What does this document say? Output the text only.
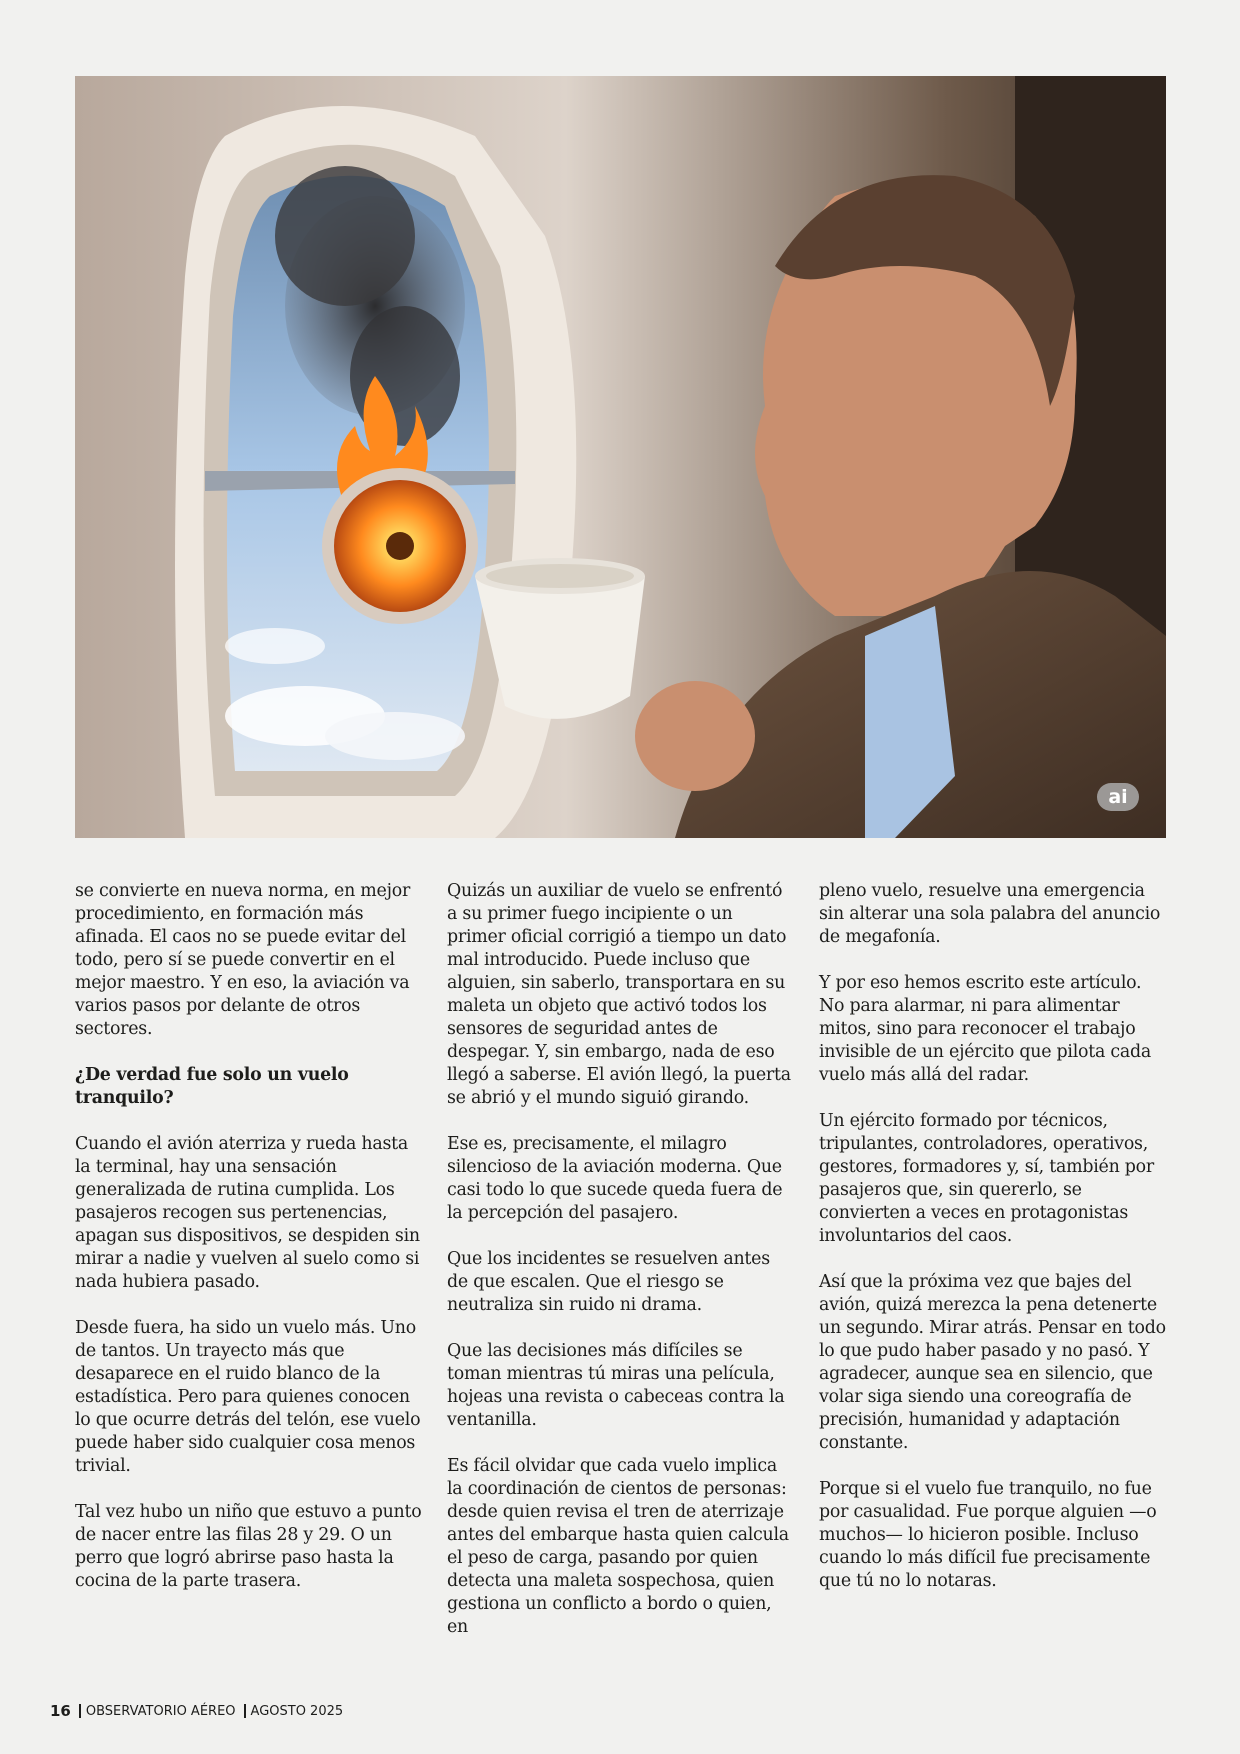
ai

se convierte en nueva norma, en mejor procedimiento, en formación más afinada. El caos no se puede evitar del todo, pero sí se puede convertir en el mejor maestro. Y en eso, la aviación va varios pasos por delante de otros sectores.

¿De verdad fue solo un vuelo tranquilo?

Cuando el avión aterriza y rueda hasta la terminal, hay una sensación generalizada de rutina cumplida. Los pasajeros recogen sus pertenencias, apagan sus dispositivos, se despiden sin mirar a nadie y vuelven al suelo como si nada hubiera pasado.

Desde fuera, ha sido un vuelo más. Uno de tantos. Un trayecto más que desaparece en el ruido blanco de la estadística. Pero para quienes conocen lo que ocurre detrás del telón, ese vuelo puede haber sido cualquier cosa menos trivial.

Tal vez hubo un niño que estuvo a punto de nacer entre las filas 28 y 29. O un perro que logró abrirse paso hasta la cocina de la parte trasera.

Quizás un auxiliar de vuelo se enfrentó a su primer fuego incipiente o un primer oficial corrigió a tiempo un dato mal introducido. Puede incluso que alguien, sin saberlo, transportara en su maleta un objeto que activó todos los sensores de seguridad antes de despegar. Y, sin embargo, nada de eso llegó a saberse. El avión llegó, la puerta se abrió y el mundo siguió girando.

Ese es, precisamente, el milagro silencioso de la aviación moderna. Que casi todo lo que sucede queda fuera de la percepción del pasajero.

Que los incidentes se resuelven antes de que escalen. Que el riesgo se neutraliza sin ruido ni drama.

Que las decisiones más difíciles se toman mientras tú miras una película, hojeas una revista o cabeceas contra la ventanilla.

Es fácil olvidar que cada vuelo implica la coordinación de cientos de personas: desde quien revisa el tren de aterrizaje antes del embarque hasta quien calcula el peso de carga, pasando por quien detecta una maleta sospechosa, quien gestiona un conflicto a bordo o quien, en

pleno vuelo, resuelve una emergencia sin alterar una sola palabra del anuncio de megafonía.

Y por eso hemos escrito este artículo. No para alarmar, ni para alimentar mitos, sino para reconocer el trabajo invisible de un ejército que pilota cada vuelo más allá del radar.

Un ejército formado por técnicos, tripulantes, controladores, operativos, gestores, formadores y, sí, también por pasajeros que, sin quererlo, se convierten a veces en protagonistas involuntarios del caos.

Así que la próxima vez que bajes del avión, quizá merezca la pena detenerte un segundo. Mirar atrás. Pensar en todo lo que pudo haber pasado y no pasó. Y agradecer, aunque sea en silencio, que volar siga siendo una coreografía de precisión, humanidad y adaptación constante.

Porque si el vuelo fue tranquilo, no fue por casualidad. Fue porque alguien —o muchos— lo hicieron posible. Incluso cuando lo más difícil fue precisamente que tú no lo notaras.

16 OBSERVATORIO AÉREO AGOSTO 2025
